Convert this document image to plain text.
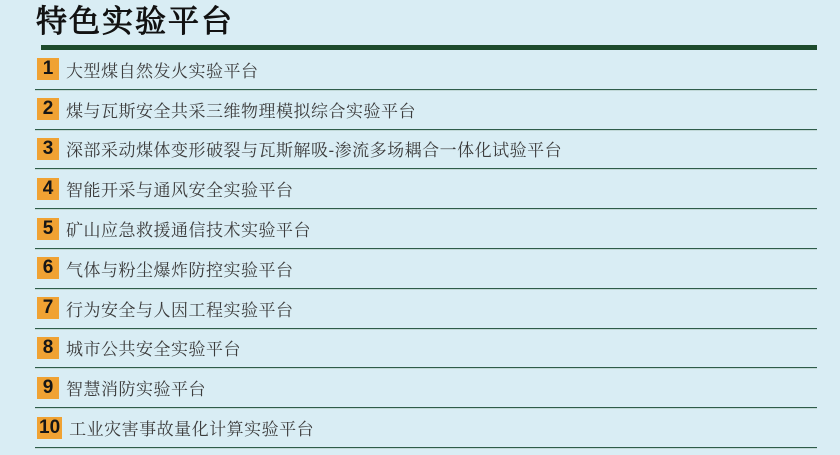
特色实验平台
1 大型煤自然发火实验平台
2 煤与瓦斯安全共采三维物理模拟综合实验平台
3 深部采动煤体变形破裂与瓦斯解吸-渗流多场耦合一体化试验平台
4 智能开采与通风安全实验平台
5 矿山应急救援通信技术实验平台
6 气体与粉尘爆炸防控实验平台
7 行为安全与人因工程实验平台
8 城市公共安全实验平台
9 智慧消防实验平台
10 工业灾害事故量化计算实验平台
